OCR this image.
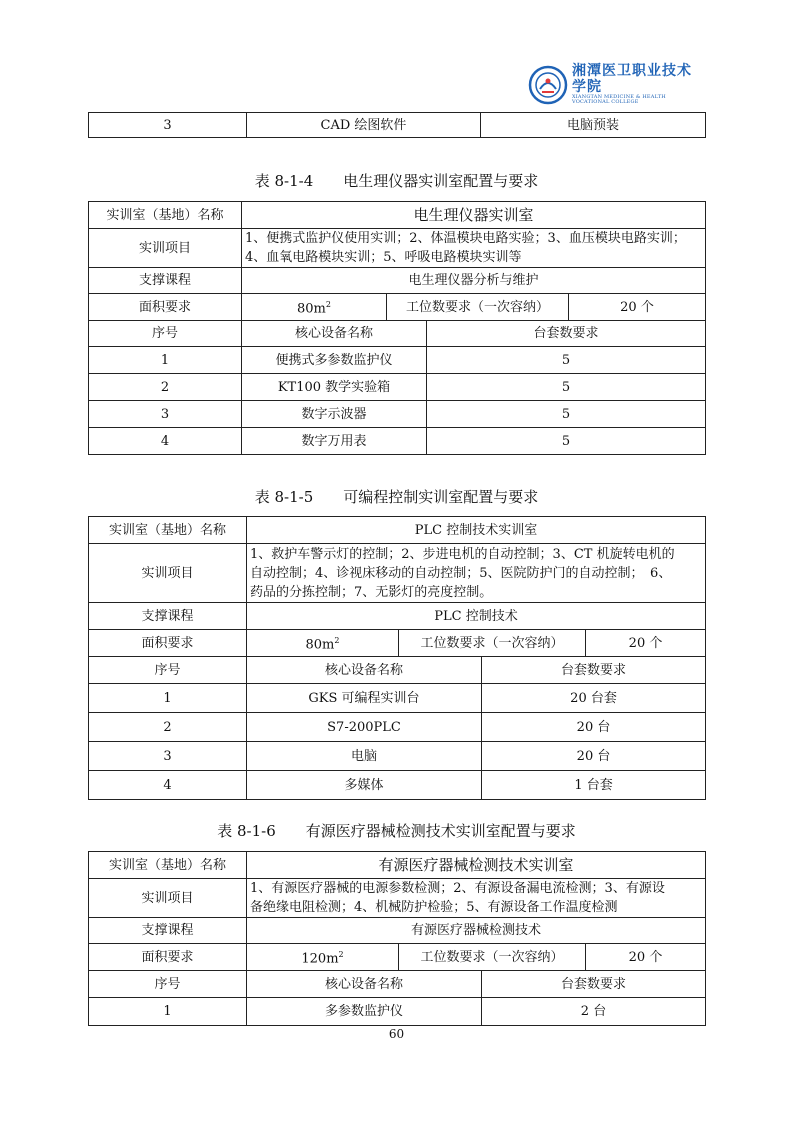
湘潭医卫职业技术学院
XIANGTAN MEDICINE & HEALTH VOCATIONAL COLLEGE
3	CAD 绘图软件	电脑预装
表 8-1-4　　电生理仪器实训室配置与要求
实训室（基地）名称	电生理仪器实训室			
实训项目	1、便携式监护仪使用实训；2、体温模块电路实验；3、血压模块电路实训；
4、血氧电路模块实训；5、呼吸电路模块实训等			

支撑课程	电生理仪器分析与维护			
面积要求	$80m^2$	工位数要求（一次容纳）		20 个
序号	核心设备名称		台套数要求	
1	便携式多参数监护仪		5	
2	KT100 教学实验箱		5	
3	数字示波器		5	
4	数字万用表		5	
表 8-1-5　　可编程控制实训室配置与要求
实训室（基地）名称	PLC 控制技术实训室			
实训项目	1、救护车警示灯的控制；2、步进电机的自动控制；3、CT 机旋转电机的
自动控制；4、诊视床移动的自动控制；5、医院防护门的自动控制；　6、
药品的分拣控制；7、无影灯的亮度控制。			

支撑课程	PLC 控制技术			
面积要求	$80m^2$	工位数要求（一次容纳）		20 个
序号	核心设备名称		台套数要求	
1	GKS 可编程实训台		20 台套	
2	S7-200PLC		20 台	
3	电脑		20 台	
4	多媒体		1 台套	
表 8-1-6　　有源医疗器械检测技术实训室配置与要求
实训室（基地）名称	有源医疗器械检测技术实训室			
实训项目	1、有源医疗器械的电源参数检测；2、有源设备漏电流检测；3、有源设
备绝缘电阻检测；4、机械防护检验；5、有源设备工作温度检测			

支撑课程	有源医疗器械检测技术			
面积要求	$120m^2$	工位数要求（一次容纳）		20 个
序号	核心设备名称		台套数要求	
1	多参数监护仪		2 台	
60
